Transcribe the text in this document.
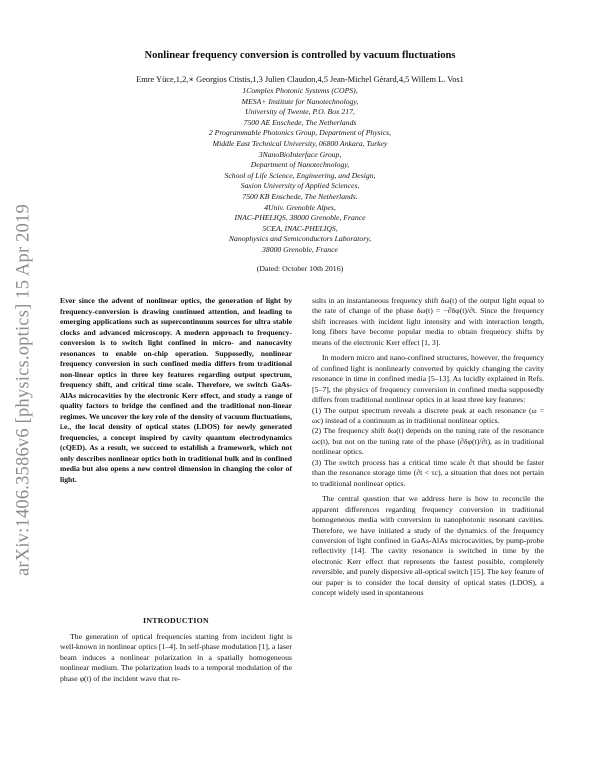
arXiv:1406.3586v6 [physics.optics] 15 Apr 2019
Nonlinear frequency conversion is controlled by vacuum fluctuations
Emre Yüce,1,2,∗ Georgios Ctistis,1,3 Julien Claudon,4,5 Jean-Michel Gérard,4,5 Willem L. Vos1
1Complex Photonic Systems (COPS),
MESA+ Institute for Nanotechnology,
University of Twente, P.O. Box 217,
7500 AE Enschede, The Netherlands
2 Programmable Photonics Group, Department of Physics,
Middle East Technical University, 06800 Ankara, Turkey
3NanoBioInterface Group,
Department of Nanotechnology,
School of Life Science, Engineering, and Design,
Saxion University of Applied Sciences,
7500 KB Enschede, The Netherlands.
4Univ. Grenoble Alpes,
INAC-PHELIQS, 38000 Grenoble, France
5CEA, INAC-PHELIQS,
Nanophysics and Semiconductors Laboratory,
38000 Grenoble, France
(Dated: October 10th 2016)

Ever since the advent of nonlinear optics, the generation of light by frequency-conversion is drawing continued attention, and leading to emerging applications such as supercontinuum sources for ultra stable clocks and advanced microscopy. A modern approach to frequency-conversion is to switch light confined in micro- and nanocavity resonances to enable on-chip operation. Supposedly, nonlinear frequency conversion in such confined media differs from traditional non-linear optics in three key features regarding output spectrum, frequency shift, and critical time scale. Therefore, we switch GaAs-AlAs microcavities by the electronic Kerr effect, and study a range of quality factors to bridge the confined and the traditional non-linear regimes. We uncover the key role of the density of vacuum fluctuations, i.e., the local density of optical states (LDOS) for newly generated frequencies, a concept inspired by cavity quantum electrodynamics (cQED). As a result, we succeed to establish a framework, which not only describes nonlinear optics both in traditional bulk and in confined media but also opens a new control dimension in changing the color of light.

INTRODUCTION

The generation of optical frequencies starting from incident light is well-known in nonlinear optics [1–4]. In self-phase modulation [1], a laser beam induces a nonlinear polarization in a spatially homogeneous nonlinear medium. The polarization leads to a temporal modulation of the phase φ(t) of the incident wave that re-

sults in an instantaneous frequency shift δω(t) of the output light equal to the rate of change of the phase δω(t) = −∂δφ(t)/∂t. Since the frequency shift increases with incident light intensity and with interaction length, long fibers have become popular media to obtain frequency shifts by means of the electronic Kerr effect [1, 3].

In modern micro and nano-confined structures, however, the frequency of confined light is nonlinearly converted by quickly changing the cavity resonance in time in confined media [5–13]. As lucidly explained in Refs. [5–7], the physics of frequency conversion in confined media supposedly differs from traditional nonlinear optics in at least three key features:

(1) The output spectrum reveals a discrete peak at each resonance (ω = ωc) instead of a continuum as in traditional nonlinear optics.

(2) The frequency shift δω(t) depends on the tuning rate of the resonance ωc(t), but not on the tuning rate of the phase (∂δφ(t)/∂t), as in traditional nonlinear optics.

(3) The switch process has a critical time scale ∂t that should be faster than the resonance storage time (∂t < τc), a situation that does not pertain to traditional nonlinear optics.

The central question that we address here is how to reconcile the apparent differences regarding frequency conversion in traditional homogeneous media with conversion in nanophotonic resonant cavities. Therefore, we have initiated a study of the dynamics of the frequency conversion of light confined in GaAs-AlAs microcavities, by pump-probe reflectivity [14]. The cavity resonance is switched in time by the electronic Kerr effect that represents the fastest possible, completely reversible, and purely dispersive all-optical switch [15]. The key feature of our paper is to consider the local density of optical states (LDOS), a concept widely used in spontaneous
